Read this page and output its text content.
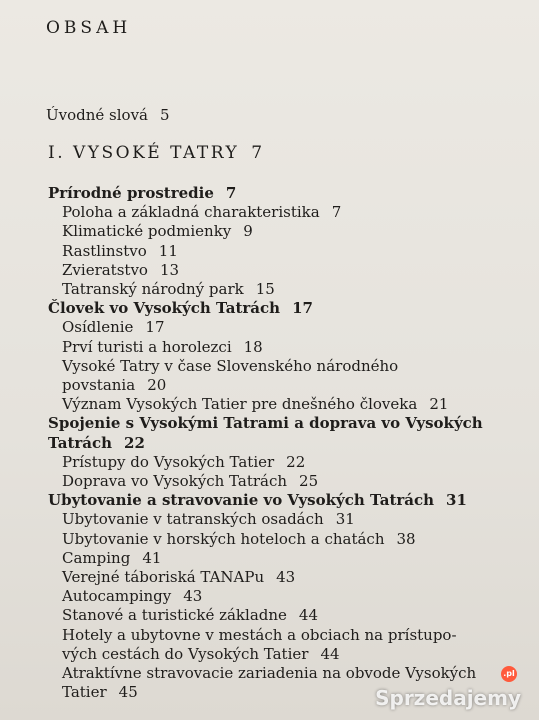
OBSAH
Úvodné slová 5
I. VYSOKÉ TATRY 7
Prírodné prostredie 7
Poloha a základná charakteristika 7
Klimatické podmienky 9
Rastlinstvo 11
Zvieratstvo 13
Tatranský národný park 15
Človek vo Vysokých Tatrách 17
Osídlenie 17
Prví turisti a horolezci 18
Vysoké Tatry v čase Slovenského národného
povstania 20
Význam Vysokých Tatier pre dnešného človeka 21
Spojenie s Vysokými Tatrami a doprava vo Vysokých
Tatrách 22
Prístupy do Vysokých Tatier 22
Doprava vo Vysokých Tatrách 25
Ubytovanie a stravovanie vo Vysokých Tatrách 31
Ubytovanie v tatranských osadách 31
Ubytovanie v horských hoteloch a chatách 38
Camping 41
Verejné táboriská TANAPu 43
Autocampingy 43
Stanové a turistické základne 44
Hotely a ubytovne v mestách a obciach na prístupo-
vých cestách do Vysokých Tatier 44
Atraktívne stravovacie zariadenia na obvode Vysokých
Tatier 45
.pl
Sprzedajemy
